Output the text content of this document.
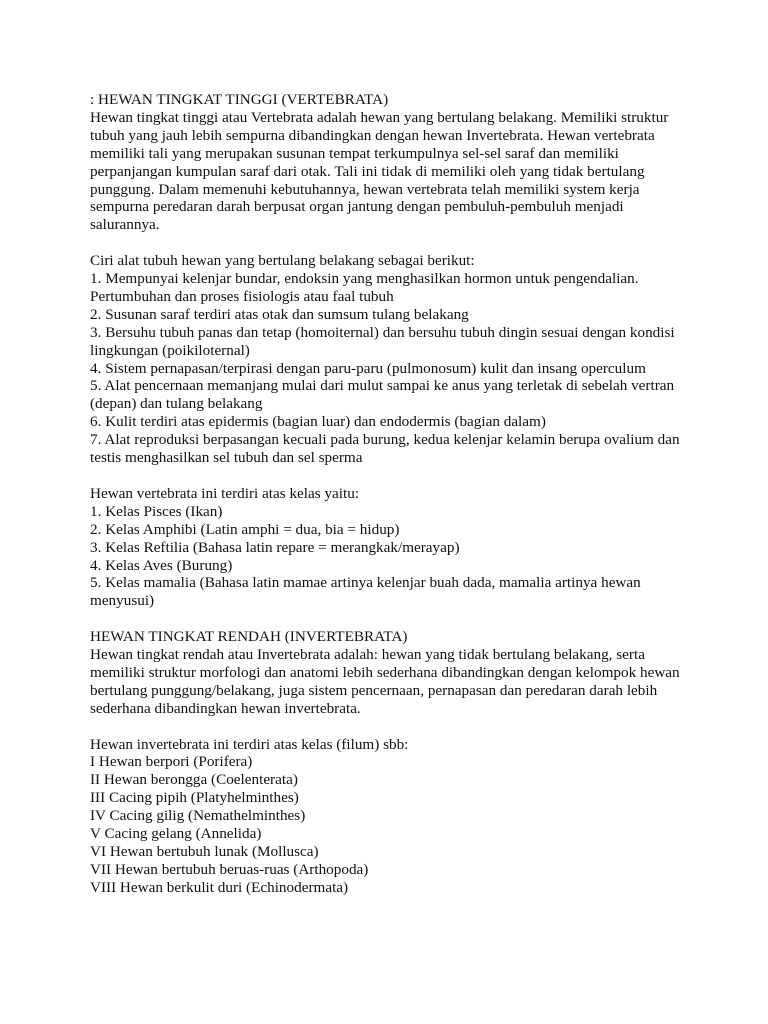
: HEWAN TINGKAT TINGGI (VERTEBRATA)
Hewan tingkat tinggi atau Vertebrata adalah hewan yang bertulang belakang. Memiliki struktur
tubuh yang jauh lebih sempurna dibandingkan dengan hewan Invertebrata. Hewan vertebrata
memiliki tali yang merupakan susunan tempat terkumpulnya sel-sel saraf dan memiliki
perpanjangan kumpulan saraf dari otak. Tali ini tidak di memiliki oleh yang tidak bertulang
punggung. Dalam memenuhi kebutuhannya, hewan vertebrata telah memiliki system kerja
sempurna peredaran darah berpusat organ jantung dengan pembuluh-pembuluh menjadi
salurannya.
Ciri alat tubuh hewan yang bertulang belakang sebagai berikut:
1. Mempunyai kelenjar bundar, endoksin yang menghasilkan hormon untuk pengendalian.
Pertumbuhan dan proses fisiologis atau faal tubuh
2. Susunan saraf terdiri atas otak dan sumsum tulang belakang
3. Bersuhu tubuh panas dan tetap (homoiternal) dan bersuhu tubuh dingin sesuai dengan kondisi
lingkungan (poikiloternal)
4. Sistem pernapasan/terpirasi dengan paru-paru (pulmonosum) kulit dan insang operculum
5. Alat pencernaan memanjang mulai dari mulut sampai ke anus yang terletak di sebelah vertran
(depan) dan tulang belakang
6. Kulit terdiri atas epidermis (bagian luar) dan endodermis (bagian dalam)
7. Alat reproduksi berpasangan kecuali pada burung, kedua kelenjar kelamin berupa ovalium dan
testis menghasilkan sel tubuh dan sel sperma
Hewan vertebrata ini terdiri atas kelas yaitu:
1. Kelas Pisces (Ikan)
2. Kelas Amphibi (Latin amphi = dua, bia = hidup)
3. Kelas Reftilia (Bahasa latin repare = merangkak/merayap)
4. Kelas Aves (Burung)
5. Kelas mamalia (Bahasa latin mamae artinya kelenjar buah dada, mamalia artinya hewan
menyusui)
HEWAN TINGKAT RENDAH (INVERTEBRATA)
Hewan tingkat rendah atau Invertebrata adalah: hewan yang tidak bertulang belakang, serta
memiliki struktur morfologi dan anatomi lebih sederhana dibandingkan dengan kelompok hewan
bertulang punggung/belakang, juga sistem pencernaan, pernapasan dan peredaran darah lebih
sederhana dibandingkan hewan invertebrata.
Hewan invertebrata ini terdiri atas kelas (filum) sbb:
I Hewan berpori (Porifera)
II Hewan berongga (Coelenterata)
III Cacing pipih (Platyhelminthes)
IV Cacing gilig (Nemathelminthes)
V Cacing gelang (Annelida)
VI Hewan bertubuh lunak (Mollusca)
VII Hewan bertubuh beruas-ruas (Arthopoda)
VIII Hewan berkulit duri (Echinodermata)
